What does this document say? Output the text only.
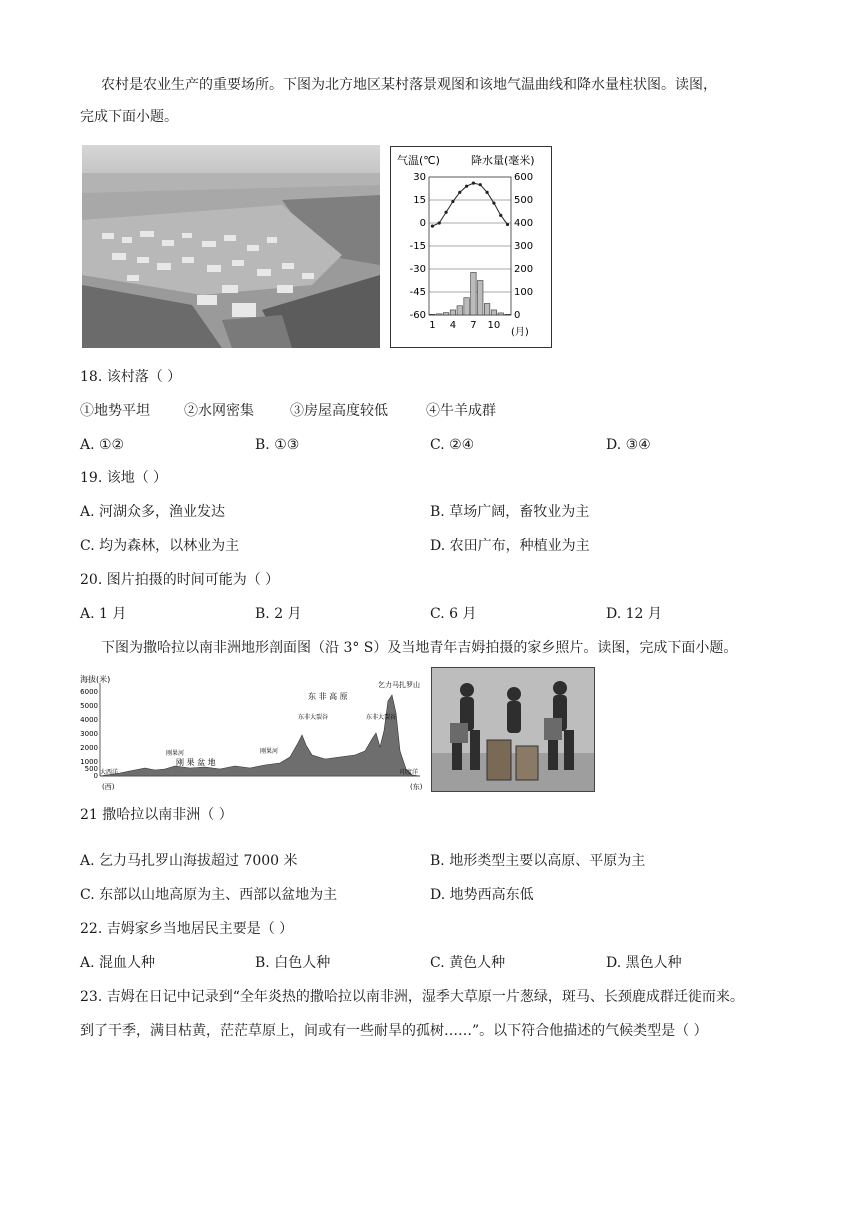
农村是农业生产的重要场所。下图为北方地区某村落景观图和该地气温曲线和降水量柱状图。读图，
完成下面小题。
气温(℃)	降水量(毫米)
(月)
30
15
0
-15
-30
-45
-60
600
500
400
300
200
100
0
1 4 7 10
18. 该村落（ ）
①地势平坦 ②水网密集	③房屋高度较低	④牛羊成群
A. ①②	B. ①③	C. ②④	D. ③④
19. 该地（ ）
A. 河湖众多，渔业发达	B. 草场广阔，畜牧业为主
C. 均为森林，以林业为主	D. 农田广布，种植业为主
20. 图片拍摄的时间可能为（ ）
A. 1 月	B. 2 月	C. 6 月	D. 12 月
下图为撒哈拉以南非洲地形剖面图（沿 3° S）及当地青年吉姆拍摄的家乡照片。读图，完成下面小题。
海拔(米)
6000
5000
4000
3000
2000
1000
500
0
乞力马扎罗山
东 非 高 原
东非大裂谷	东非大裂谷
刚果河
刚 果 盆 地
刚果河
大西洋	印度洋
(西)	(东)
21 撒哈拉以南非洲（ ）
A. 乞力马扎罗山海拔超过 7000 米	B. 地形类型主要以高原、平原为主
C. 东部以山地高原为主、西部以盆地为主	D. 地势西高东低
22. 吉姆家乡当地居民主要是（ ）
A. 混血人种	B. 白色人种	C. 黄色人种	D. 黑色人种
23. 吉姆在日记中记录到“全年炎热的撒哈拉以南非洲，湿季大草原一片葱绿，斑马、长颈鹿成群迁徙而来。
到了干季，满目枯黄，茫茫草原上，间或有一些耐旱的孤树……”。以下符合他描述的气候类型是（ ）
